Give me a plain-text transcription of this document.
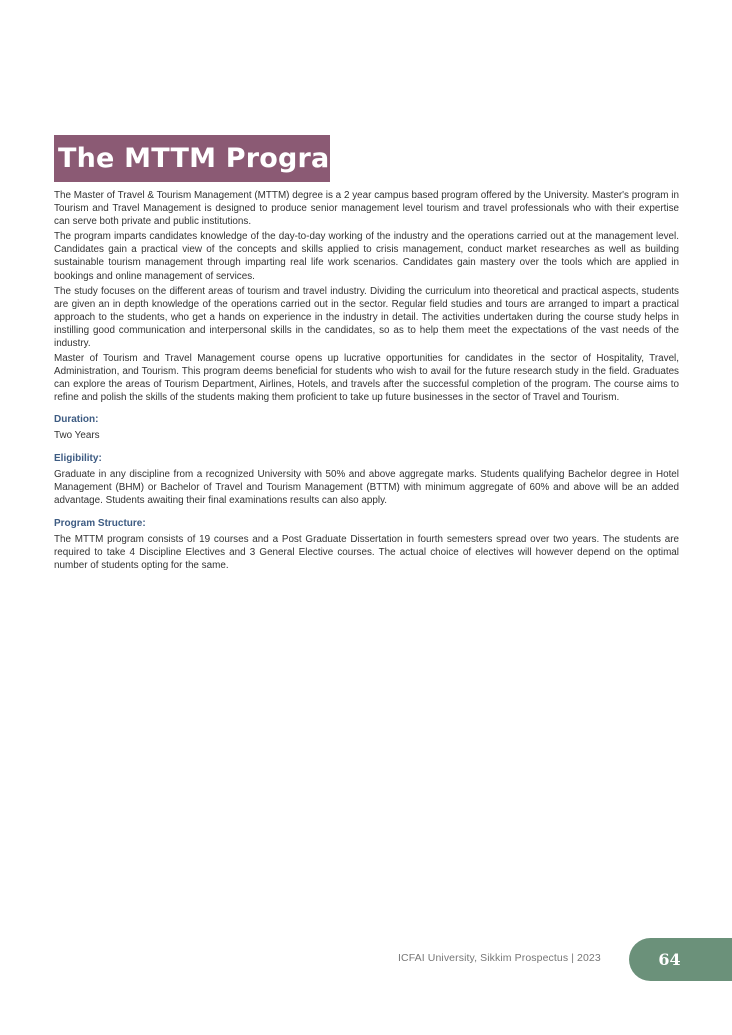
The MTTM Program

The Master of Travel & Tourism Management (MTTM) degree is a 2 year campus based program offered by the University. Master's program in Tourism and Travel Management is designed to produce senior management level tourism and travel professionals who with their expertise can serve both private and public institutions.

The program imparts candidates knowledge of the day-to-day working of the industry and the operations carried out at the management level. Candidates gain a practical view of the concepts and skills applied to crisis management, conduct market researches as well as building sustainable tourism management through imparting real life work scenarios. Candidates gain mastery over the tools which are applied in bookings and online management of services.

The study focuses on the different areas of tourism and travel industry. Dividing the curriculum into theoretical and practical aspects, students are given an in depth knowledge of the operations carried out in the sector. Regular field studies and tours are arranged to impart a practical approach to the students, who get a hands on experience in the industry in detail. The activities undertaken during the course study helps in instilling good communication and interpersonal skills in the candidates, so as to help them meet the expectations of the vast needs of the industry.

Master of Tourism and Travel Management course opens up lucrative opportunities for candidates in the sector of Hospitality, Travel, Administration, and Tourism. This program deems beneficial for students who wish to avail for the future research study in the field. Graduates can explore the areas of Tourism Department, Airlines, Hotels, and travels after the successful completion of the program. The course aims to refine and polish the skills of the students making them proficient to take up future businesses in the sector of Travel and Tourism.

Duration:

Two Years

Eligibility:

Graduate in any discipline from a recognized University with 50% and above aggregate marks. Students qualifying Bachelor degree in Hotel Management (BHM) or Bachelor of Travel and Tourism Management (BTTM) with minimum aggregate of 60% and above will be an added advantage. Students awaiting their final examinations results can also apply.

Program Structure:

The MTTM program consists of 19 courses and a Post Graduate Dissertation in fourth semesters spread over two years. The students are required to take 4 Discipline Electives and 3 General Elective courses. The actual choice of electives will however depend on the optimal number of students opting for the same.

ICFAI University, Sikkim Prospectus | 2023	64
